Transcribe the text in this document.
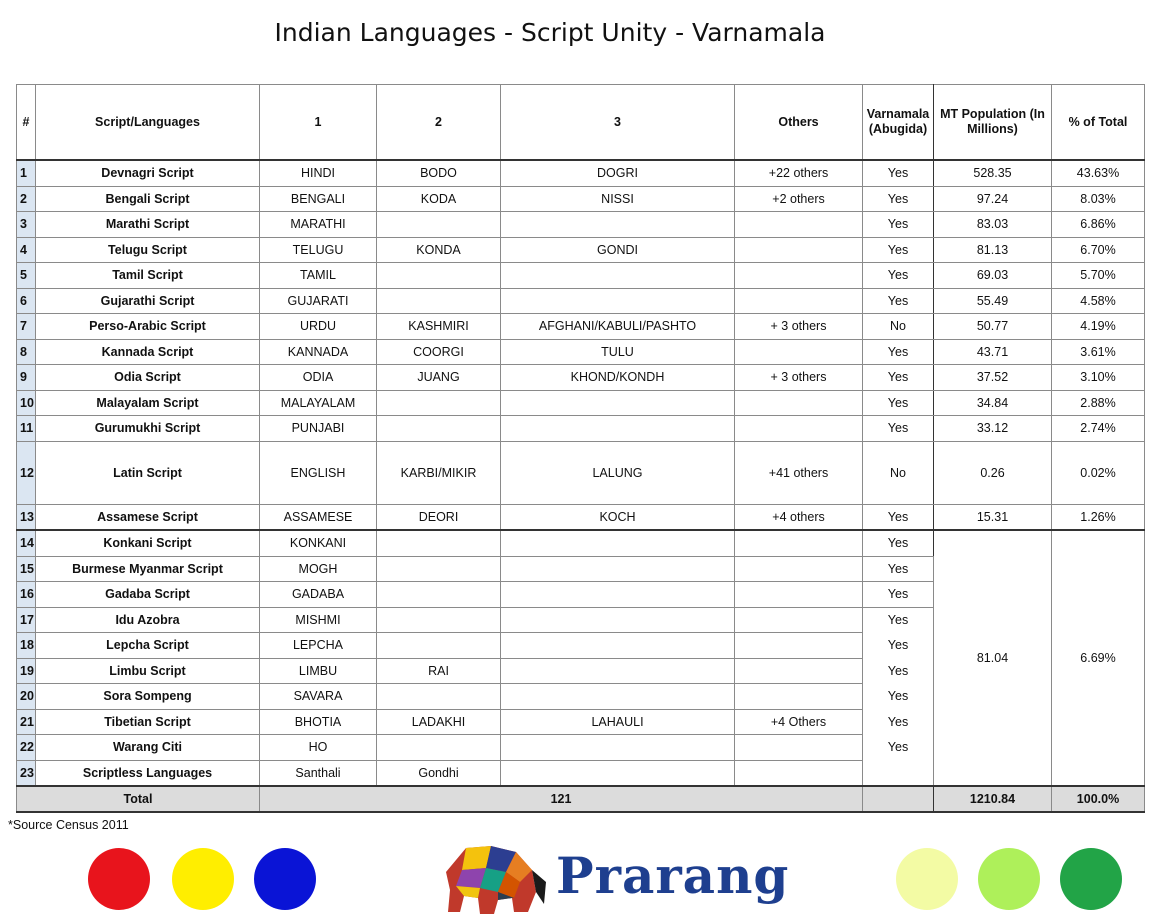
Indian Languages - Script Unity - Varnamala
#	Script/Languages	1	2	3	Others	Varnamala (Abugida)	MT Population (In Millions)	% of Total
1	Devnagri Script	HINDI	BODO	DOGRI	+22 others	Yes	528.35	43.63%
2	Bengali Script	BENGALI	KODA	NISSI	+2 others	Yes	97.24	8.03%
3	Marathi Script	MARATHI				Yes	83.03	6.86%
4	Telugu Script	TELUGU	KONDA	GONDI		Yes	81.13	6.70%
5	Tamil Script	TAMIL				Yes	69.03	5.70%
6	Gujarathi Script	GUJARATI				Yes	55.49	4.58%
7	Perso-Arabic Script	URDU	KASHMIRI	AFGHANI/KABULI/PASHTO	+ 3 others	No	50.77	4.19%
8	Kannada Script	KANNADA	COORGI	TULU		Yes	43.71	3.61%
9	Odia Script	ODIA	JUANG	KHOND/KONDH	+ 3 others	Yes	37.52	3.10%
10	Malayalam Script	MALAYALAM				Yes	34.84	2.88%
11	Gurumukhi Script	PUNJABI				Yes	33.12	2.74%
12	Latin Script	ENGLISH	KARBI/MIKIR	LALUNG	+41 others	No	0.26	0.02%
13	Assamese Script	ASSAMESE	DEORI	KOCH	+4 others	Yes	15.31	1.26%
14	Konkani Script	KONKANI				Yes	81.04	6.69%
15	Burmese Myanmar Script	MOGH				Yes		
16	Gadaba Script	GADABA				Yes		
17	Idu Azobra	MISHMI				Yes		
18	Lepcha Script	LEPCHA				Yes		
19	Limbu Script	LIMBU	RAI			Yes		
20	Sora Sompeng	SAVARA				Yes		
21	Tibetian Script	BHOTIA	LADAKHI	LAHAULI	+4 Others	Yes		
22	Warang Citi	HO				Yes		
23	Scriptless Languages	Santhali	Gondhi					
Total		121					1210.84	100.0%
*Source Census 2011
Prarang
